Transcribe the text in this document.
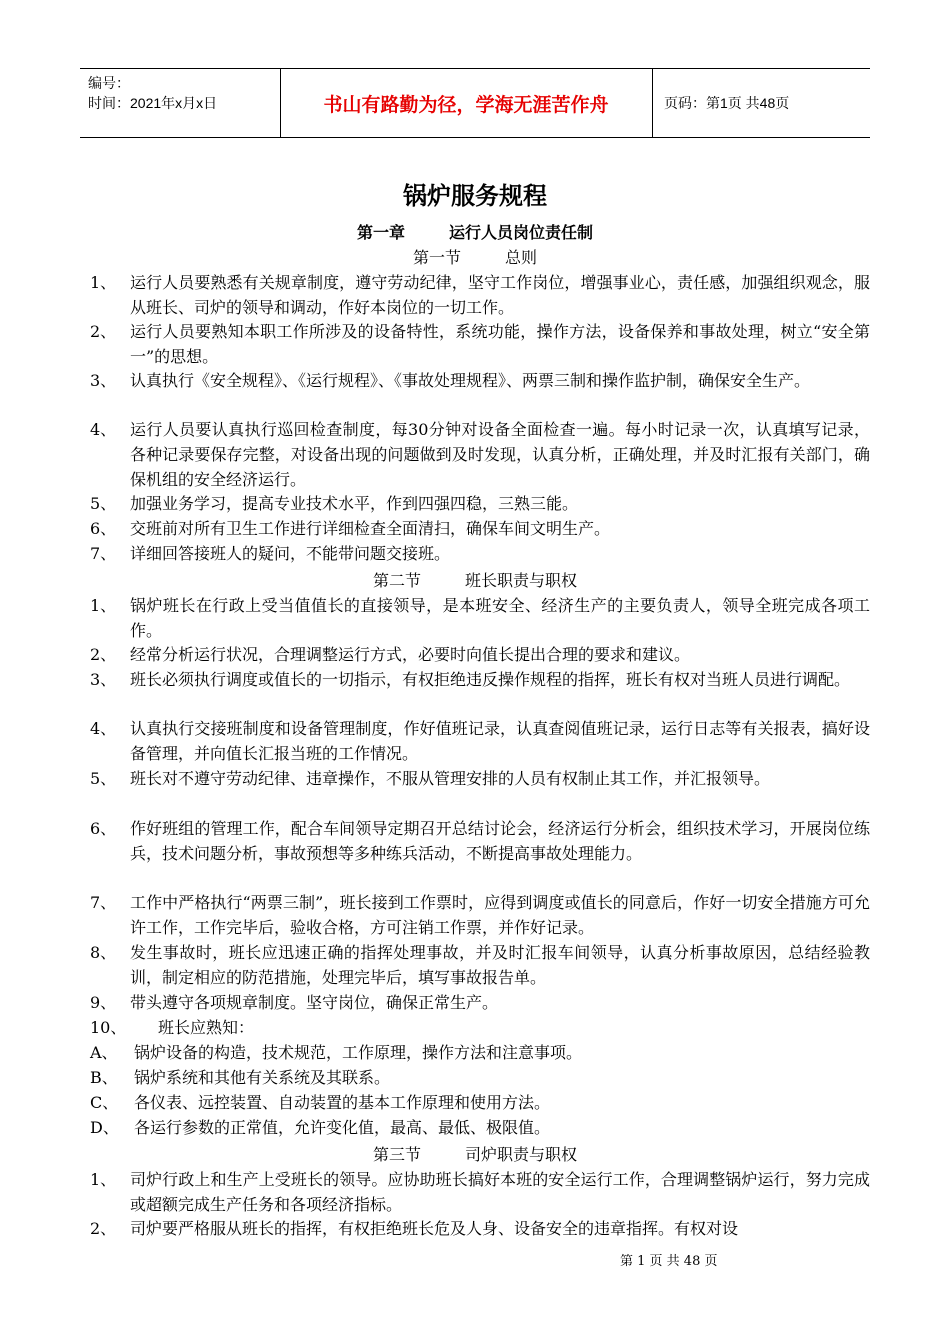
编号：
时间：2021年x月x日	书山有路勤为径，学海无涯苦作舟	页码：第1页 共48页
锅炉服务规程
第一章	运行人员岗位责任制
第一节	总则
1、 运行人员要熟悉有关规章制度，遵守劳动纪律，坚守工作岗位，增强事业心，责任感，加强组织观念，服从班长、司炉的领导和调动，作好本岗位的一切工作。
2、 运行人员要熟知本职工作所涉及的设备特性，系统功能，操作方法，设备保养和事故处理，树立“安全第一”的思想。
3、 认真执行《安全规程》、《运行规程》、《事故处理规程》、两票三制和操作监护制，确保安全生产。
4、 运行人员要认真执行巡回检查制度，每30分钟对设备全面检查一遍。每小时记录一次，认真填写记录，各种记录要保存完整，对设备出现的问题做到及时发现，认真分析，正确处理，并及时汇报有关部门，确保机组的安全经济运行。
5、 加强业务学习，提高专业技术水平，作到四强四稳，三熟三能。
6、 交班前对所有卫生工作进行详细检查全面清扫，确保车间文明生产。
7、 详细回答接班人的疑问，不能带问题交接班。
第二节	班长职责与职权
1、 锅炉班长在行政上受当值值长的直接领导，是本班安全、经济生产的主要负责人，领导全班完成各项工作。
2、 经常分析运行状况，合理调整运行方式，必要时向值长提出合理的要求和建议。
3、 班长必须执行调度或值长的一切指示，有权拒绝违反操作规程的指挥，班长有权对当班人员进行调配。
4、 认真执行交接班制度和设备管理制度，作好值班记录，认真查阅值班记录，运行日志等有关报表，搞好设备管理，并向值长汇报当班的工作情况。
5、 班长对不遵守劳动纪律、违章操作，不服从管理安排的人员有权制止其工作，并汇报领导。
6、 作好班组的管理工作，配合车间领导定期召开总结讨论会，经济运行分析会，组织技术学习，开展岗位练兵，技术问题分析，事故预想等多种练兵活动，不断提高事故处理能力。
7、 工作中严格执行“两票三制”，班长接到工作票时，应得到调度或值长的同意后，作好一切安全措施方可允许工作，工作完毕后，验收合格，方可注销工作票，并作好记录。
8、 发生事故时，班长应迅速正确的指挥处理事故，并及时汇报车间领导，认真分析事故原因，总结经验教训，制定相应的防范措施，处理完毕后，填写事故报告单。
9、 带头遵守各项规章制度。坚守岗位，确保正常生产。
10、 班长应熟知：
A、 锅炉设备的构造，技术规范，工作原理，操作方法和注意事项。
B、 锅炉系统和其他有关系统及其联系。
C、 各仪表、远控装置、自动装置的基本工作原理和使用方法。
D、 各运行参数的正常值，允许变化值，最高、最低、极限值。
第三节	司炉职责与职权
1、 司炉行政上和生产上受班长的领导。应协助班长搞好本班的安全运行工作，合理调整锅炉运行，努力完成或超额完成生产任务和各项经济指标。
2、 司炉要严格服从班长的指挥，有权拒绝班长危及人身、设备安全的违章指挥。有权对设
第 1 页 共 48 页
